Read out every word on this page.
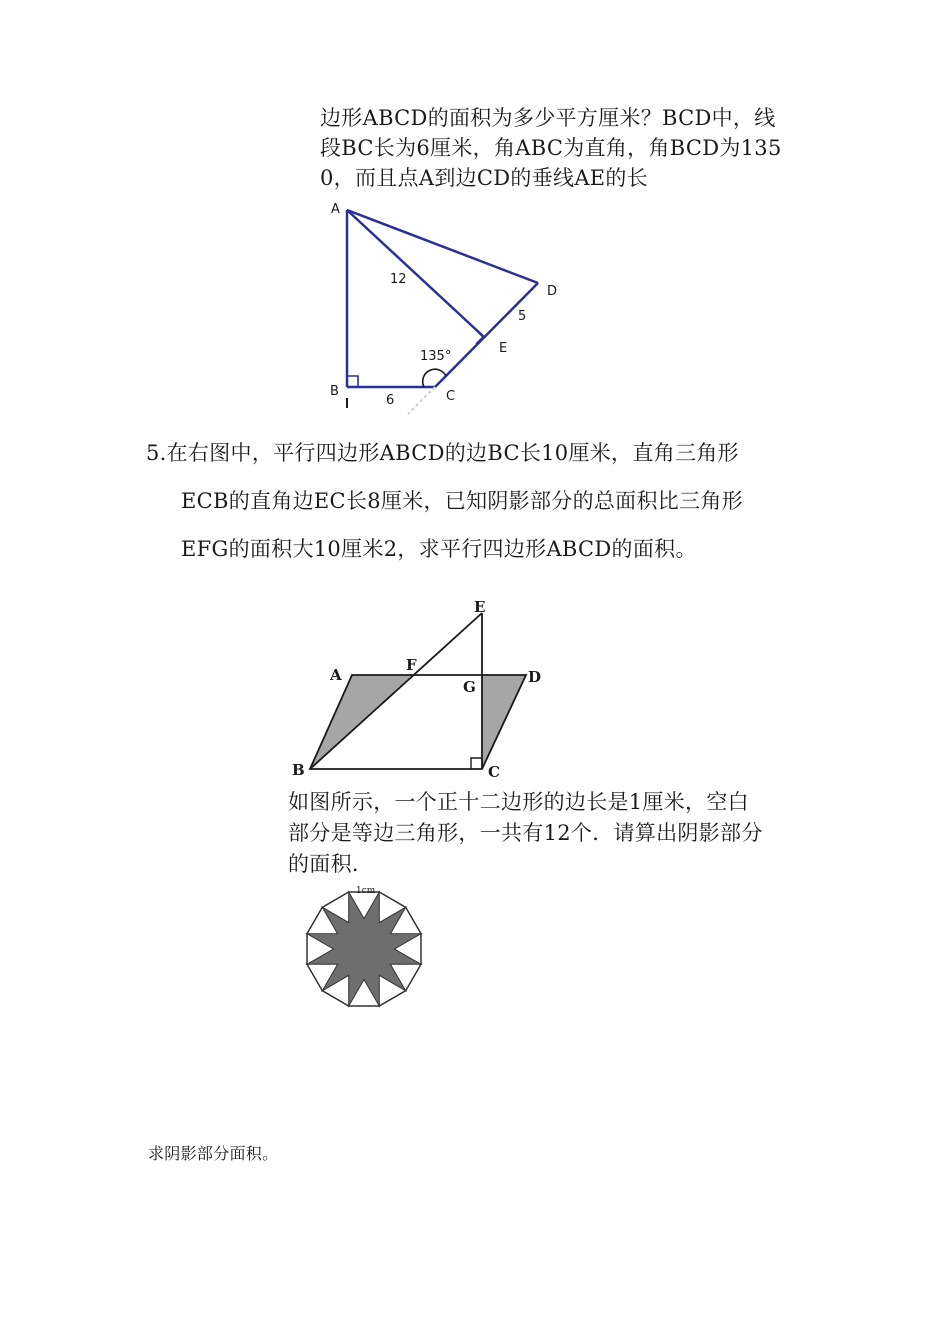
边形ABCD的面积为多少平方厘米？BCD中，线
段BC长为6厘米，角ABC为直角，角BCD为135
0，而且点A到边CD的垂线AE的长
A
B	C
D
E
12
6
5
135°
5.在右图中，平行四边形ABCD的边BC长10厘米，直角三角形
ECB的直角边EC长8厘米，已知阴影部分的总面积比三角形
EFG的面积大10厘米2，求平行四边形ABCD的面积。
A
B	C
D
E
F
G
如图所示，一个正十二边形的边长是1厘米，空白
部分是等边三角形，一共有12个．请算出阴影部分
的面积.
1cm
求阴影部分面积。
